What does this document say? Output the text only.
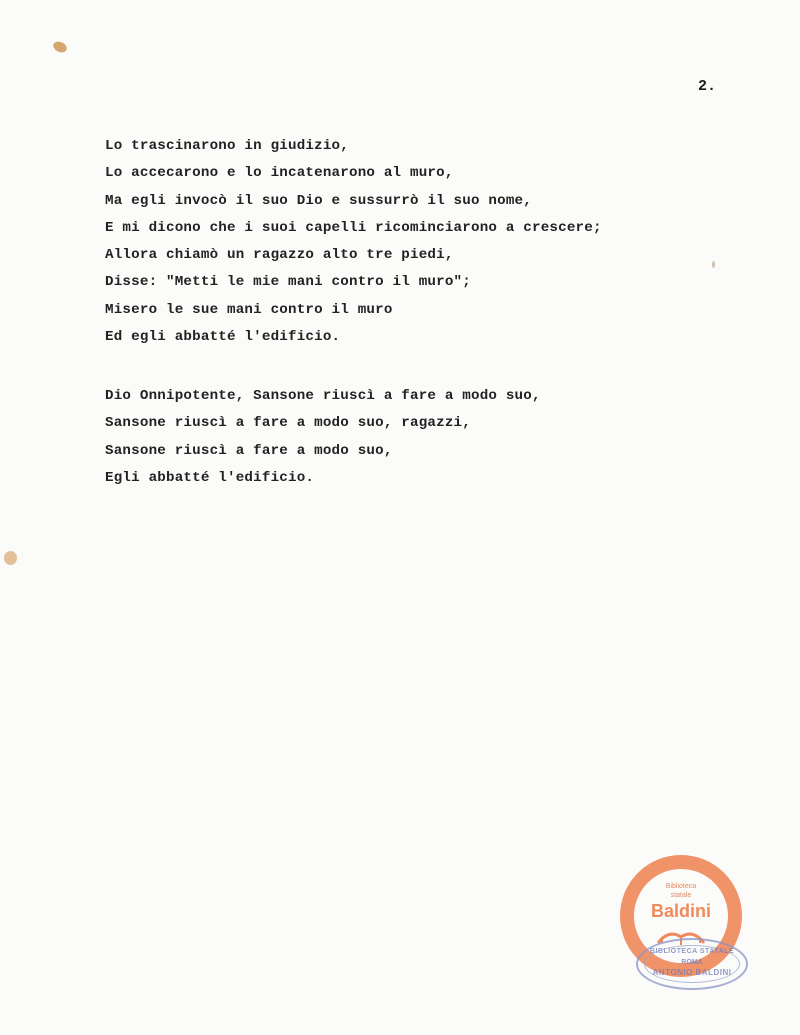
2.
Lo trascinarono in giudizio,
Lo accecarono e lo incatenarono al muro,
Ma egli invocò il suo Dio e sussurrò il suo nome,
E mi dicono che i suoi capelli ricominciarono a crescere;
Allora chiamò un ragazzo alto tre piedi,
Disse: "Metti le mie mani contro il muro";
Misero le sue mani contro il muro
Ed egli abbatté l'edificio.
Dio Onnipotente, Sansone riuscì a fare a modo suo,
Sansone riuscì a fare a modo suo, ragazzi,
Sansone riuscì a fare a modo suo,
Egli abbatté l'edificio.
Biblioteca
statale
Baldini
BIBLIOTECA STATALE
ROMA
ANTONIO BALDINI
